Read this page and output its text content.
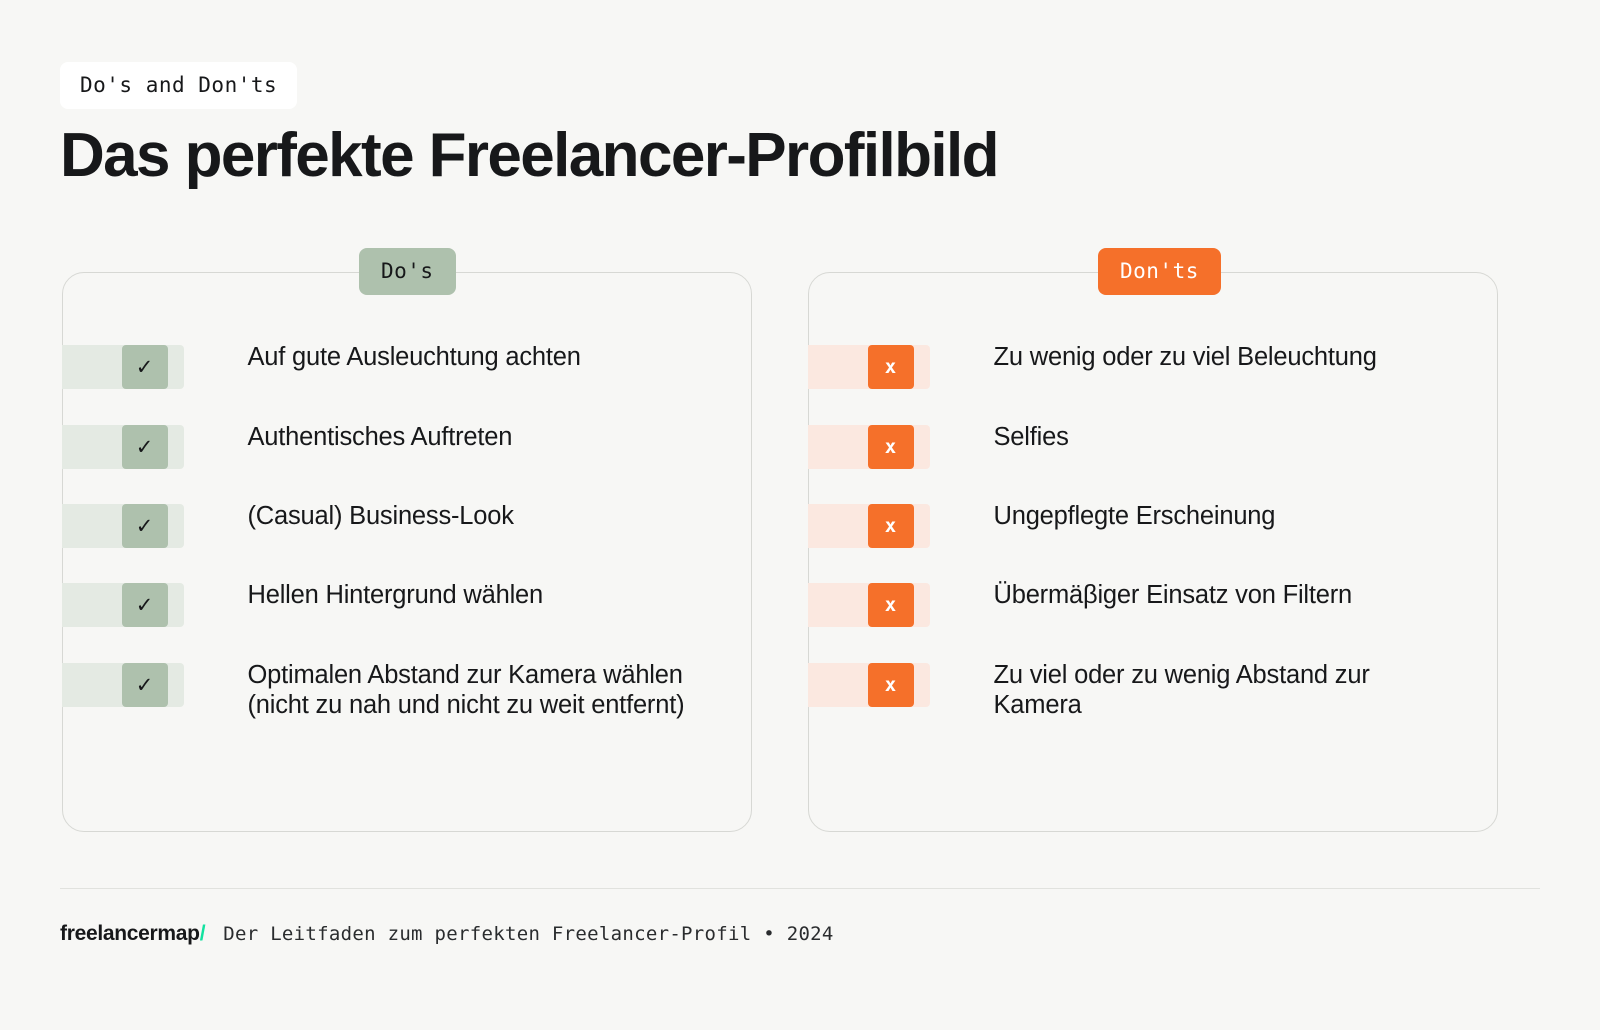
Do's and Don'ts
Das perfekte Freelancer-Profilbild
Do's
✓	Auf gute Ausleuchtung achten
✓	Authentisches Auftreten
✓	(Casual) Business-Look
✓	Hellen Hintergrund wählen
✓	Optimalen Abstand zur Kamera wählen (nicht zu nah und nicht zu weit entfernt)
Don'ts
x	Zu wenig oder zu viel Beleuchtung
x	Selfies
x	Ungepflegte Erscheinung
x	Übermäβiger Einsatz von Filtern
x	Zu viel oder zu wenig Abstand zur Kamera
freelancermap/ Der Leitfaden zum perfekten Freelancer-Profil • 2024
